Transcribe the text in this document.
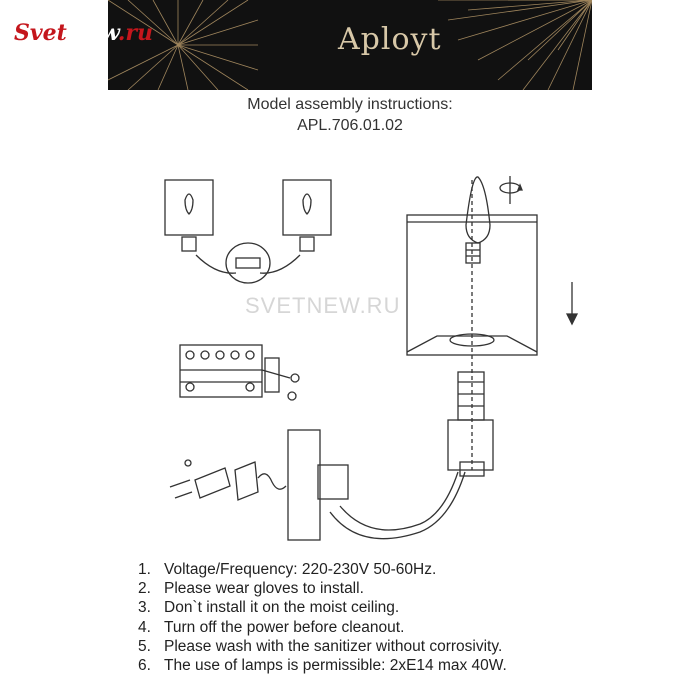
Aployt
SvetNew.ru
Model assembly instructions:
APL.706.01.02
SVETNEW.RU
1. Voltage/Frequency: 220-230V 50-60Hz.
2. Please wear gloves to install.
3. Don`t install it on the moist ceiling.
4. Turn off the power before cleanout.
5. Please wash with the sanitizer without corrosivity.
6. The use of lamps is permissible: 2xE14 max 40W.
